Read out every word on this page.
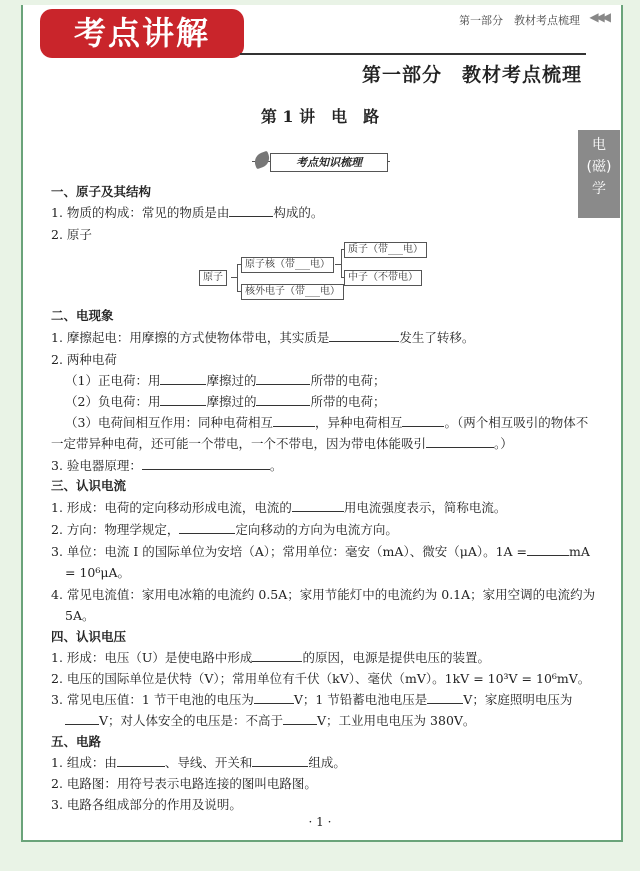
考点讲解	第一部分　教材考点梳理 ◀◀◀
第一部分　教材考点梳理
第 1 讲　电　路
电
(磁)
学
考点知识梳理
一、原子及其结构
1. 物质的构成：常见的物质是由	构成的。
2. 原子
原子
原子核（带___电）
核外电子（带___电）
质子（带___电）
中子（不带电）
二、电现象
1. 摩擦起电：用摩擦的方式使物体带电，其实质是	发生了转移。
2. 两种电荷
（1）正电荷：用	摩擦过的	所带的电荷；
（2）负电荷：用	摩擦过的	所带的电荷；
（3）电荷间相互作用：同种电荷相互	，异种电荷相互	。（两个相互吸引的物体不
一定带异种电荷，还可能一个带电，一个不带电，因为带电体能吸引	。）
3. 验电器原理：	。
三、认识电流
1. 形成：电荷的定向移动形成电流，电流的	用电流强度表示，简称电流。
2. 方向：物理学规定，	定向移动的方向为电流方向。
3. 单位：电流 I 的国际单位为安培（A）；常用单位：毫安（mA）、微安（μA）。1A =	mA
= 10⁶μA。
4. 常见电流值：家用电冰箱的电流约 0.5A；家用节能灯中的电流约为 0.1A；家用空调的电流约为
5A。
四、认识电压
1. 形成：电压（U）是使电路中形成	的原因，电源是提供电压的装置。
2. 电压的国际单位是伏特（V）；常用单位有千伏（kV）、毫伏（mV）。1kV = 10³V = 10⁶mV。
3. 常见电压值：1 节干电池的电压为	V；1 节铅蓄电池电压是	V；家庭照明电压为
V；对人体安全的电压是：不高于	V；工业用电电压为 380V。
五、电路
1. 组成：由	、导线、开关和	组成。
2. 电路图：用符号表示电路连接的图叫电路图。
3. 电路各组成部分的作用及说明。
· 1 ·
